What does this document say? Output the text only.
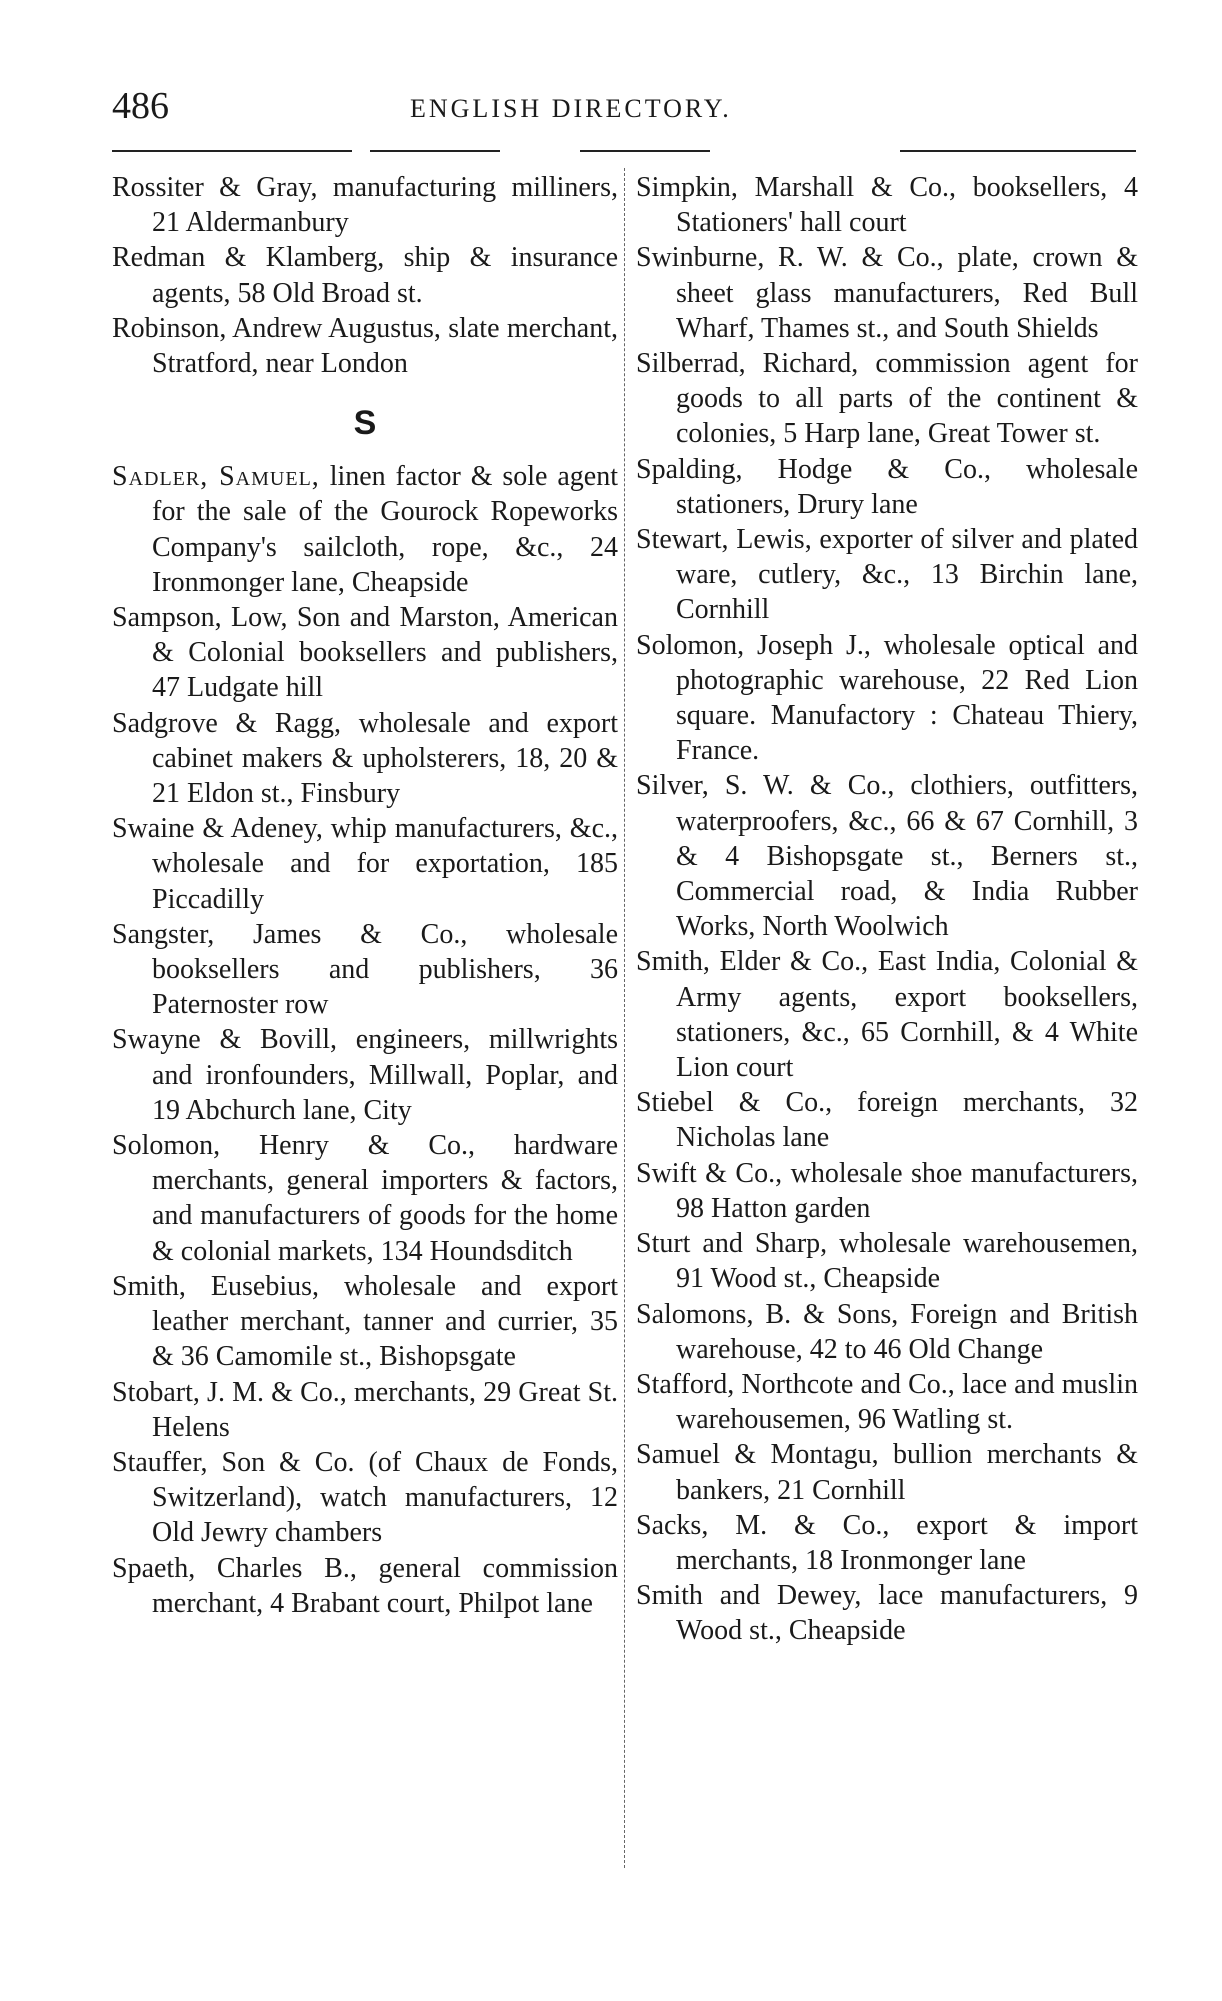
486	ENGLISH DIRECTORY.

Rossiter & Gray, manufacturing milliners, 21 Aldermanbury

Redman & Klamberg, ship & insurance agents, 58 Old Broad st.

Robinson, Andrew Augustus, slate merchant, Stratford, near London

S

Sadler, Samuel, linen factor & sole agent for the sale of the Gourock Ropeworks Company's sailcloth, rope, &c., 24 Ironmonger lane, Cheapside

Sampson, Low, Son and Marston, American & Colonial booksellers and publishers, 47 Ludgate hill

Sadgrove & Ragg, wholesale and export cabinet makers & upholsterers, 18, 20 & 21 Eldon st., Finsbury

Swaine & Adeney, whip manufacturers, &c., wholesale and for exportation, 185 Piccadilly

Sangster, James & Co., wholesale booksellers and publishers, 36 Paternoster row

Swayne & Bovill, engineers, millwrights and ironfounders, Millwall, Poplar, and 19 Abchurch lane, City

Solomon, Henry & Co., hardware merchants, general importers & factors, and manufacturers of goods for the home & colonial markets, 134 Houndsditch

Smith, Eusebius, wholesale and export leather merchant, tanner and currier, 35 & 36 Camomile st., Bishopsgate

Stobart, J. M. & Co., merchants, 29 Great St. Helens

Stauffer, Son & Co. (of Chaux de Fonds, Switzerland), watch manufacturers, 12 Old Jewry chambers

Spaeth, Charles B., general commission merchant, 4 Brabant court, Philpot lane

Simpkin, Marshall & Co., booksellers, 4 Stationers' hall court

Swinburne, R. W. & Co., plate, crown & sheet glass manufacturers, Red Bull Wharf, Thames st., and South Shields

Silberrad, Richard, commission agent for goods to all parts of the continent & colonies, 5 Harp lane, Great Tower st.

Spalding, Hodge & Co., wholesale stationers, Drury lane

Stewart, Lewis, exporter of silver and plated ware, cutlery, &c., 13 Birchin lane, Cornhill

Solomon, Joseph J., wholesale optical and photographic warehouse, 22 Red Lion square. Manufactory : Chateau Thiery, France.

Silver, S. W. & Co., clothiers, outfitters, waterproofers, &c., 66 & 67 Cornhill, 3 & 4 Bishopsgate st., Berners st., Commercial road, & India Rubber Works, North Woolwich

Smith, Elder & Co., East India, Colonial & Army agents, export booksellers, stationers, &c., 65 Cornhill, & 4 White Lion court

Stiebel & Co., foreign merchants, 32 Nicholas lane

Swift & Co., wholesale shoe manufacturers, 98 Hatton garden

Sturt and Sharp, wholesale warehousemen, 91 Wood st., Cheapside

Salomons, B. & Sons, Foreign and British warehouse, 42 to 46 Old Change

Stafford, Northcote and Co., lace and muslin warehousemen, 96 Watling st.

Samuel & Montagu, bullion merchants & bankers, 21 Cornhill

Sacks, M. & Co., export & import merchants, 18 Ironmonger lane

Smith and Dewey, lace manufacturers, 9 Wood st., Cheapside
